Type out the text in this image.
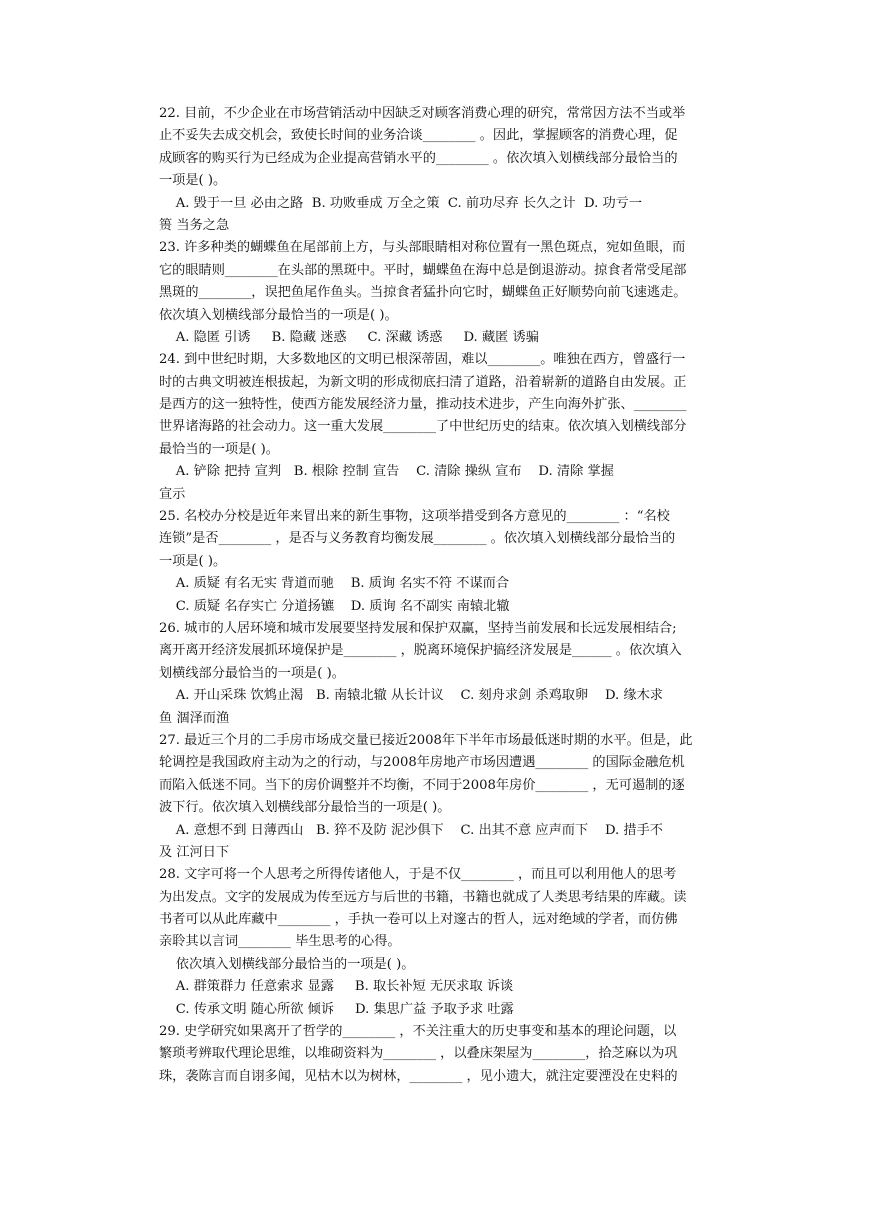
22. 目前，不少企业在市场营销活动中因缺乏对顾客消费心理的研究，常常因方法不当或举
止不妥失去成交机会，致使长时间的业务洽谈________ 。因此，掌握顾客的消费心理，促
成顾客的购买行为已经成为企业提高营销水平的________ 。依次填入划横线部分最恰当的
一项是( )。
A. 毁于一旦 必由之路  B. 功败垂成 万全之策  C. 前功尽弃 长久之计  D. 功亏一
篑 当务之急
23. 许多种类的蝴蝶鱼在尾部前上方，与头部眼睛相对称位置有一黑色斑点，宛如鱼眼，而
它的眼睛则________在头部的黑斑中。平时，蝴蝶鱼在海中总是倒退游动。掠食者常受尾部
黑斑的________，误把鱼尾作鱼头。当掠食者猛扑向它时，蝴蝶鱼正好顺势向前飞速逃走。
依次填入划横线部分最恰当的一项是( )。
A. 隐匿 引诱     B. 隐藏 迷惑     C. 深藏 诱惑     D. 藏匿 诱骗
24. 到中世纪时期，大多数地区的文明已根深蒂固，难以________。唯独在西方，曾盛行一
时的古典文明被连根拔起，为新文明的形成彻底扫清了道路，沿着崭新的道路自由发展。正
是西方的这一独特性，使西方能发展经济力量，推动技术进步，产生向海外扩张、________
世界诸海路的社会动力。这一重大发展________了中世纪历史的结束。依次填入划横线部分
最恰当的一项是( )。
A. 铲除 把持 宣判   B. 根除 控制 宣告    C. 清除 操纵 宣布    D. 清除 掌握
宣示
25. 名校办分校是近年来冒出来的新生事物，这项举措受到各方意见的________ ：“名校
连锁”是否________ ，是否与义务教育均衡发展________ 。依次填入划横线部分最恰当的
一项是( )。
A. 质疑 有名无实 背道而驰    B. 质询 名实不符 不谋而合
C. 质疑 名存实亡 分道扬镳    D. 质询 名不副实 南辕北辙
26. 城市的人居环境和城市发展要坚持发展和保护双赢，坚持当前发展和长远发展相结合;
离开离开经济发展抓环境保护是________ ，脱离环境保护搞经济发展是______ 。依次填入
划横线部分最恰当的一项是( )。
A. 开山采珠 饮鸩止渴   B. 南辕北辙 从长计议    C. 刻舟求剑 杀鸡取卵    D. 缘木求
鱼 涸泽而渔
27. 最近三个月的二手房市场成交量已接近2008年下半年市场最低迷时期的水平。但是，此
轮调控是我国政府主动为之的行动，与2008年房地产市场因遭遇________ 的国际金融危机
而陷入低迷不同。当下的房价调整并不均衡，不同于2008年房价________ ，无可遏制的逐
波下行。依次填入划横线部分最恰当的一项是( )。
A. 意想不到 日薄西山   B. 猝不及防 泥沙俱下    C. 出其不意 应声而下    D. 措手不
及 江河日下
28. 文字可将一个人思考之所得传诸他人，于是不仅________ ，而且可以利用他人的思考
为出发点。文字的发展成为传至远方与后世的书籍，书籍也就成了人类思考结果的库藏。读
书者可以从此库藏中________ ，手执一卷可以上对邃古的哲人，远对绝域的学者，而仿佛
亲聆其以言词________ 毕生思考的心得。
依次填入划横线部分最恰当的一项是( )。
A. 群策群力 任意索求 显露     B. 取长补短 无厌求取 诉谈
C. 传承文明 随心所欲 倾诉     D. 集思广益 予取予求 吐露
29. 史学研究如果离开了哲学的________ ，不关注重大的历史事变和基本的理论问题，以
繁琐考辨取代理论思维，以堆砌资料为________ ，以叠床架屋为________，拾芝麻以为巩
珠，袭陈言而自诩多闻，见枯木以为树林，________ ，见小遗大，就注定要湮没在史料的
